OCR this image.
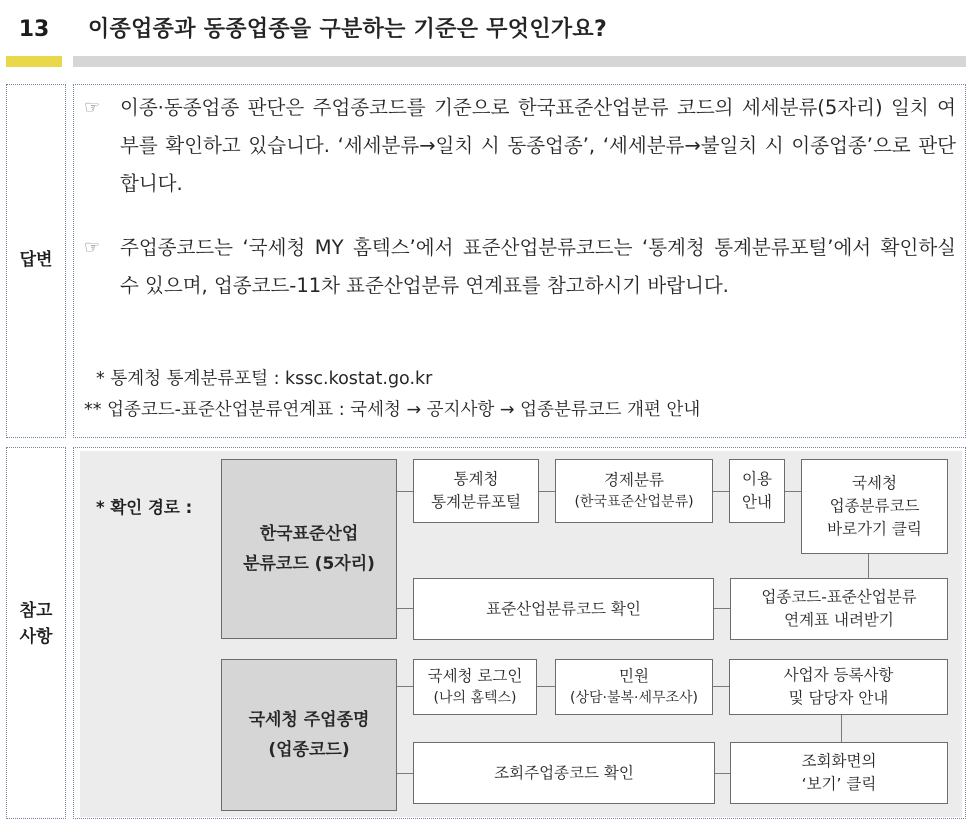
13	이종업종과 동종업종을 구분하는 기준은 무엇인가요?
답변
☞	이종·동종업종 판단은 주업종코드를 기준으로 한국표준산업분류 코드의 세세분류(5자리) 일치 여부를 확인하고 있습니다. ‘세세분류→일치 시 동종업종’, ‘세세분류→불일치 시 이종업종’으로 판단합니다.
☞	주업종코드는 ‘국세청 MY 홈텍스’에서 표준산업분류코드는 ‘통계청 통계분류포털’에서 확인하실 수 있으며, 업종코드-11차 표준산업분류 연계표를 참고하시기 바랍니다.
* 통계청 통계분류포털 : kssc.kostat.go.kr
** 업종코드-표준산업분류연계표 : 국세청 → 공지사항 → 업종분류코드 개편 안내
참고
사항
* 확인 경로 :
한국표준산업
분류코드 (5자리)
통계청
통계분류포털
경제분류
(한국표준산업분류)
이용
안내
국세청
업종분류코드
바로가기 클릭
업종코드-표준산업분류
연계표 내려받기
표준산업분류코드 확인
국세청 주업종명
(업종코드)
국세청 로그인
(나의 홈텍스)
민원
(상담·불복·세무조사)
사업자 등록사항
및 담당자 안내
조회화면의
‘보기’ 클릭
조회주업종코드 확인
